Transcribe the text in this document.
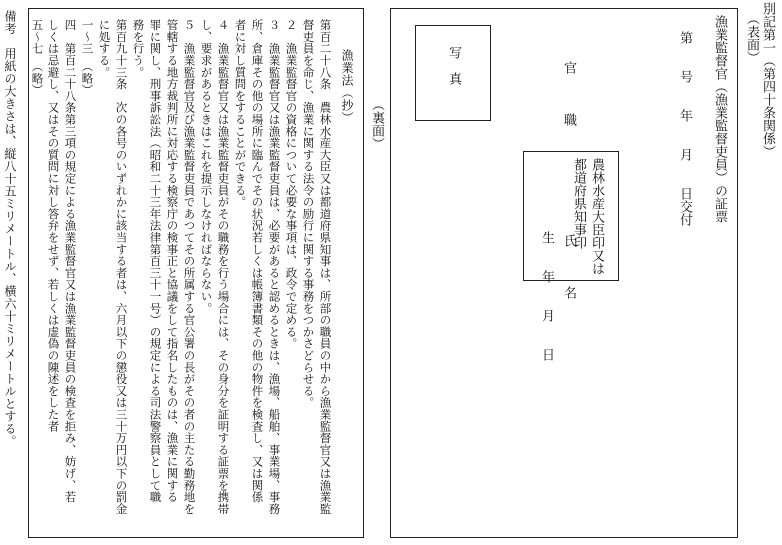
別記第一（第四十条関係）
（表面）
漁業監督官（漁業監督吏員）の証票
第　　号　　年　　月　　日交付
写　真	官　　　職
氏　　　名
生　　年　　月　　日
農林水産大臣印又は
都道府県知事印
（裏面）
漁業法（抄）
第百二十八条　農林水産大臣又は都道府県知事は、所部の職員の中から漁業監督官又は漁業監
督吏員を命じ、漁業に関する法令の励行に関する事務をつかさどらせる。
２　漁業監督官の資格について必要な事項は、政令で定める。
３　漁業監督官又は漁業監督吏員は、必要があると認めるときは、漁場、船舶、事業場、事務
所、倉庫その他の場所に臨んでその状況若しくは帳簿書類その他の物件を検査し、又は関係
者に対し質問をすることができる。
４　漁業監督官又は漁業監督吏員がその職務を行う場合には、その身分を証明する証票を携帯
し、要求があるときはこれを提示しなければならない。
５　漁業監督官及び漁業監督吏員であつてその所属する官公署の長がその者の主たる勤務地を
管轄する地方裁判所に対応する検察庁の検事正と協議をして指名したものは、漁業に関する
罪に関し、刑事訴訟法（昭和二十三年法律第百三十一号）の規定による司法警察員として職
務を行う。
第百九十三条　次の各号のいずれかに該当する者は、六月以下の懲役又は三十万円以下の罰金
に処する。
一～三　（略）
四　第百二十八条第三項の規定による漁業監督官又は漁業監督吏員の検査を拒み、妨げ、若
しくは忌避し、又はその質問に対し答弁をせず、若しくは虚偽の陳述をした者
五～七　（略）
備考　用紙の大きさは、縦八十五ミリメートル、横六十ミリメートルとする。
